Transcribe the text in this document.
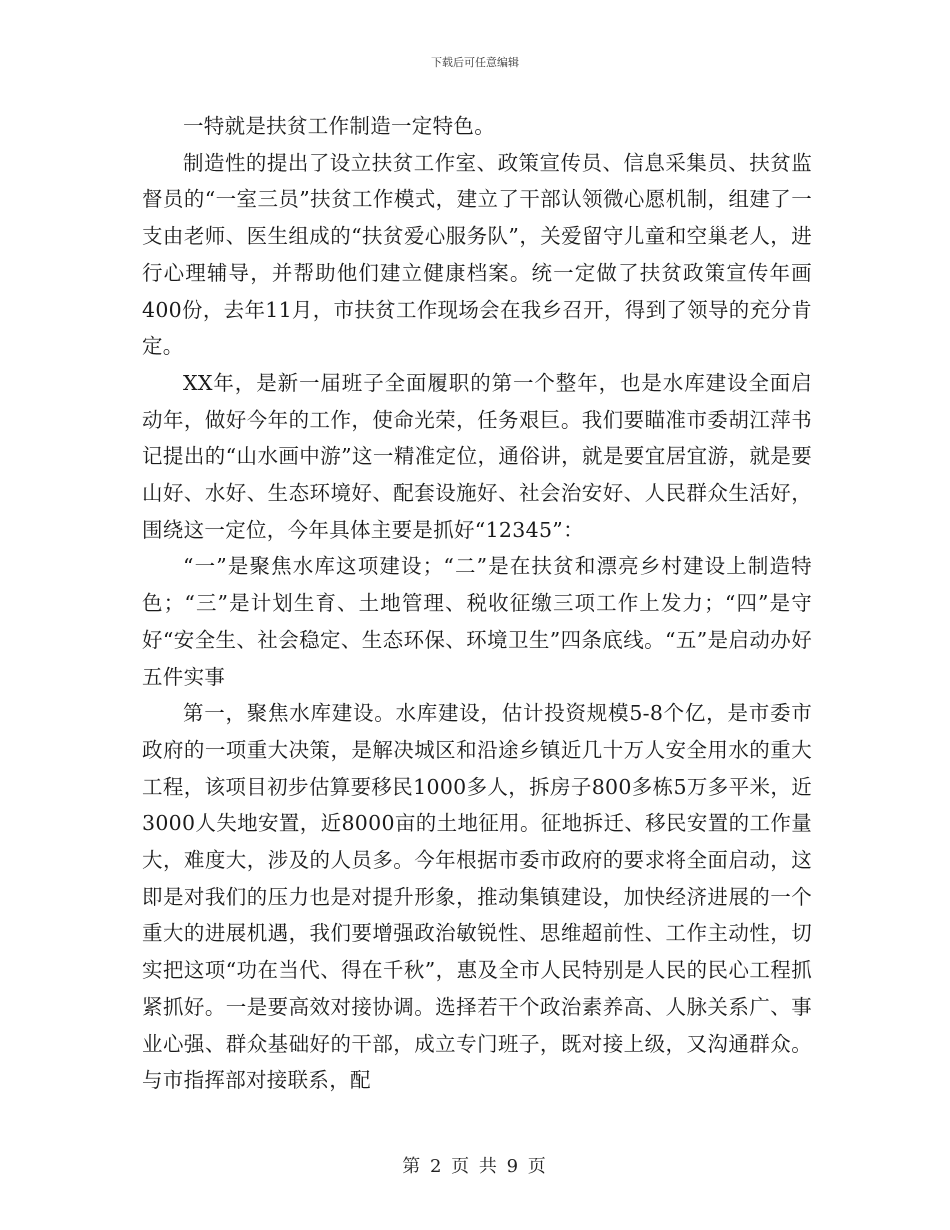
下载后可任意编辑

一特就是扶贫工作制造一定特色。

制造性的提出了设立扶贫工作室、政策宣传员、信息采集员、扶贫监督员的“一室三员”扶贫工作模式，建立了干部认领微心愿机制，组建了一支由老师、医生组成的“扶贫爱心服务队”，关爱留守儿童和空巢老人，进行心理辅导，并帮助他们建立健康档案。统一定做了扶贫政策宣传年画400份，去年11月，市扶贫工作现场会在我乡召开，得到了领导的充分肯定。

XX年，是新一届班子全面履职的第一个整年，也是水库建设全面启动年，做好今年的工作，使命光荣，任务艰巨。我们要瞄准市委胡江萍书记提出的“山水画中游”这一精准定位，通俗讲，就是要宜居宜游，就是要山好、水好、生态环境好、配套设施好、社会治安好、人民群众生活好，围绕这一定位，今年具体主要是抓好“12345”：

“一”是聚焦水库这项建设；“二”是在扶贫和漂亮乡村建设上制造特色；“三”是计划生育、土地管理、税收征缴三项工作上发力；“四”是守好“安全生、社会稳定、生态环保、环境卫生”四条底线。“五”是启动办好五件实事

第一，聚焦水库建设。水库建设，估计投资规模5-8个亿，是市委市政府的一项重大决策，是解决城区和沿途乡镇近几十万人安全用水的重大工程，该项目初步估算要移民1000多人，拆房子800多栋5万多平米，近3000人失地安置，近8000亩的土地征用。征地拆迁、移民安置的工作量大，难度大，涉及的人员多。今年根据市委市政府的要求将全面启动，这即是对我们的压力也是对提升形象，推动集镇建设，加快经济进展的一个重大的进展机遇，我们要增强政治敏锐性、思维超前性、工作主动性，切实把这项“功在当代、得在千秋”，惠及全市人民特别是人民的民心工程抓紧抓好。一是要高效对接协调。选择若干个政治素养高、人脉关系广、事业心强、群众基础好的干部，成立专门班子，既对接上级，又沟通群众。与市指挥部对接联系，配

第 2 页 共 9 页
